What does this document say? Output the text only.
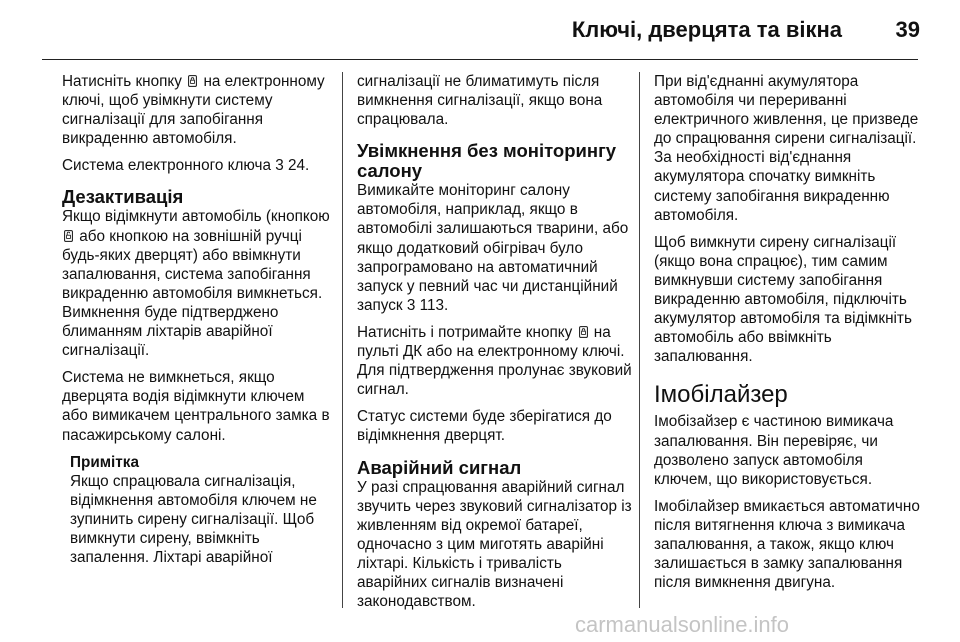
Ключі, дверцята та вікна 39

Натисніть кнопку на електронному ключі, щоб увімкнути систему сигналізації для запобігання викраденню автомобіля.

Система електронного ключа 3 24.

Дезактивація

Якщо відімкнути автомобіль (кнопкою  або кнопкою на зовнішній ручці будь-яких дверцят) або ввімкнути запалювання, система запобігання викраденню автомобіля вимкнеться. Вимкнення буде підтверджено блиманням ліхтарів аварійної сигналізації.

Система не вимкнеться, якщо дверцята водія відімкнути ключем або вимикачем центрального замка в пасажирському салоні.

Примітка
Якщо спрацювала сигналізація, відімкнення автомобіля ключем не зупинить сирену сигналізації. Щоб вимкнути сирену, ввімкніть запалення. Ліхтарі аварійної

сигналізації не блиматимуть після вимкнення сигналізації, якщо вона спрацювала.

Увімкнення без моніторингу салону

Вимикайте моніторинг салону автомобіля, наприклад, якщо в автомобілі залишаються тварини, або якщо додатковий обігрівач було запрограмовано на автоматичний запуск у певний час чи дистанційний запуск 3 113.

Натисніть і потримайте кнопку на пульті ДК або на електронному ключі. Для підтвердження пролунає звуковий сигнал.

Статус системи буде зберігатися до відімкнення дверцят.

Аварійний сигнал

У разі спрацювання аварійний сигнал звучить через звуковий сигналізатор із живленням від окремої батареї, одночасно з цим миготять аварійні ліхтарі. Кількість і тривалість аварійних сигналів визначені законодавством.

При від'єднанні акумулятора автомобіля чи перериванні електричного живлення, це призведе до спрацювання сирени сигналізації. За необхідності від'єднання акумулятора спочатку вимкніть систему запобігання викраденню автомобіля.

Щоб вимкнути сирену сигналізації (якщо вона спрацює), тим самим вимкнувши систему запобігання викраденню автомобіля, підключіть акумулятор автомобіля та відімкніть автомобіль або ввімкніть запалювання.

Імобілайзер

Імобізайзер є частиною вимикача запалювання. Він перевіряє, чи дозволено запуск автомобіля ключем, що використовується.

Імобілайзер вмикається автоматично після витягнення ключа з вимикача запалювання, а також, якщо ключ залишається в замку запалювання після вимкнення двигуна.

carmanualsonline.info
